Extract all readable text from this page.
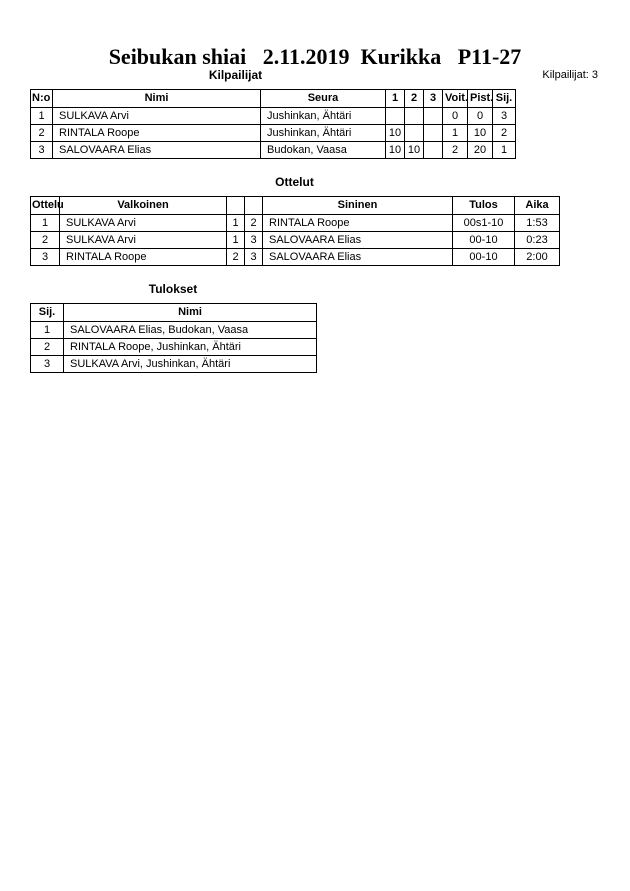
Seibukan shiai   2.11.2019  Kurikka   P11-27
Kilpailijat	Kilpailijat: 3
N:o	Nimi	Seura	1	2	3	Voit.	Pist.	Sij.
1	SULKAVA Arvi	Jushinkan, Ähtäri				0	0	3
2	RINTALA Roope	Jushinkan, Ähtäri	10			1	10	2
3	SALOVAARA Elias	Budokan, Vaasa	10	10		2	20	1
Ottelut
Ottelu	Valkoinen			Sininen	Tulos	Aika
1	SULKAVA Arvi	1	2	RINTALA Roope	00s1-10	1:53
2	SULKAVA Arvi	1	3	SALOVAARA Elias	00-10	0:23
3	RINTALA Roope	2	3	SALOVAARA Elias	00-10	2:00
Tulokset
Sij.	Nimi
1	SALOVAARA Elias, Budokan, Vaasa
2	RINTALA Roope, Jushinkan, Ähtäri
3	SULKAVA Arvi, Jushinkan, Ähtäri
